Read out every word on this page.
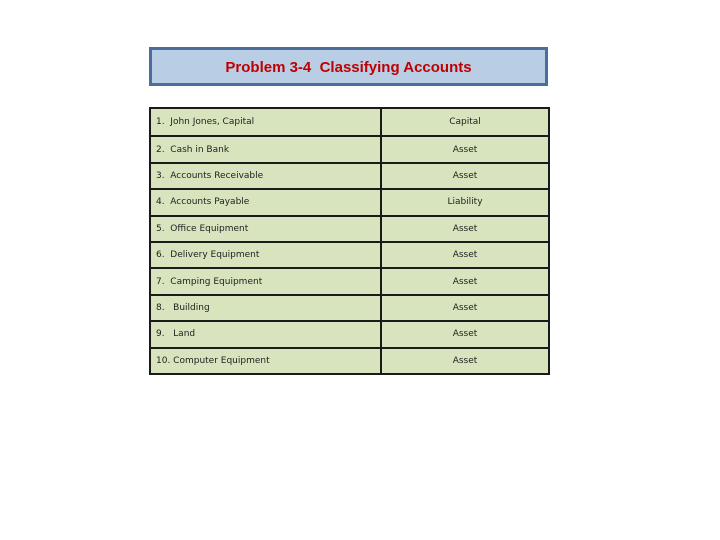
Problem 3-4  Classifying Accounts
1.  John Jones, Capital	Capital
2.  Cash in Bank	Asset
3.  Accounts Receivable	Asset
4.  Accounts Payable	Liability
5.  Office Equipment	Asset
6.  Delivery Equipment	Asset
7.  Camping Equipment	Asset
8.   Building	Asset
9.   Land	Asset
10. Computer Equipment	Asset
